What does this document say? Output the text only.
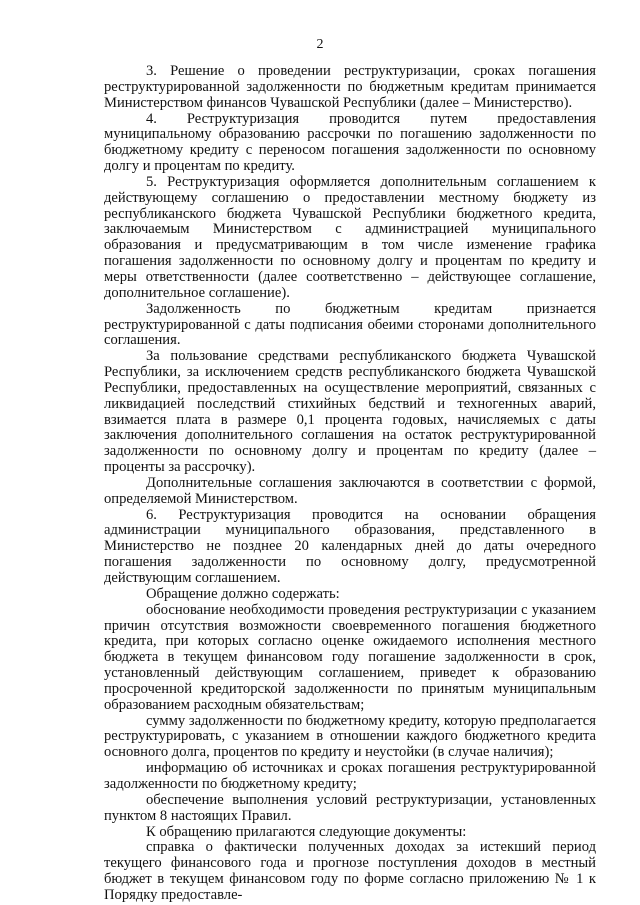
2

3. Решение о проведении реструктуризации, сроках погашения реструктурированной задолженности по бюджетным кредитам принимается Министерством финансов Чувашской Республики (далее – Министерство).

4. Реструктуризация проводится путем предоставления муниципальному образованию рассрочки по погашению задолженности по бюджетному кредиту с переносом погашения задолженности по основному долгу и процентам по кредиту.

5. Реструктуризация оформляется дополнительным соглашением к действующему соглашению о предоставлении местному бюджету из республиканского бюджета Чувашской Республики бюджетного кредита, заключаемым Министерством с администрацией муниципального образования и предусматривающим в том числе изменение графика погашения задолженности по основному долгу и процентам по кредиту и меры ответственности (далее соответственно – действующее соглашение, дополнительное соглашение).

Задолженность по бюджетным кредитам признается реструктурированной с даты подписания обеими сторонами дополнительного соглашения.

За пользование средствами республиканского бюджета Чувашской Республики, за исключением средств республиканского бюджета Чувашской Республики, предоставленных на осуществление мероприятий, связанных с ликвидацией последствий стихийных бедствий и техногенных аварий, взимается плата в размере 0,1 процента годовых, начисляемых с даты заключения дополнительного соглашения на остаток реструктурированной задолженности по основному долгу и процентам по кредиту (далее – проценты за рассрочку).

Дополнительные соглашения заключаются в соответствии с формой, определяемой Министерством.

6. Реструктуризация проводится на основании обращения администрации муниципального образования, представленного в Министерство не позднее 20 календарных дней до даты очередного погашения задолженности по основному долгу, предусмотренной действующим соглашением.

Обращение должно содержать:

обоснование необходимости проведения реструктуризации с указанием причин отсутствия возможности своевременного погашения бюджетного кредита, при которых согласно оценке ожидаемого исполнения местного бюджета в текущем финансовом году погашение задолженности в срок, установленный действующим соглашением, приведет к образованию просроченной кредиторской задолженности по принятым муниципальным образованием расходным обязательствам;

сумму задолженности по бюджетному кредиту, которую предполагается реструктурировать, с указанием в отношении каждого бюджетного кредита основного долга, процентов по кредиту и неустойки (в случае наличия);

информацию об источниках и сроках погашения реструктурированной задолженности по бюджетному кредиту;

обеспечение выполнения условий реструктуризации, установленных пунктом 8 настоящих Правил.

К обращению прилагаются следующие документы:

справка о фактически полученных доходах за истекший период текущего финансового года и прогнозе поступления доходов в местный бюджет в текущем финансовом году по форме согласно приложению № 1 к Порядку предоставле-
